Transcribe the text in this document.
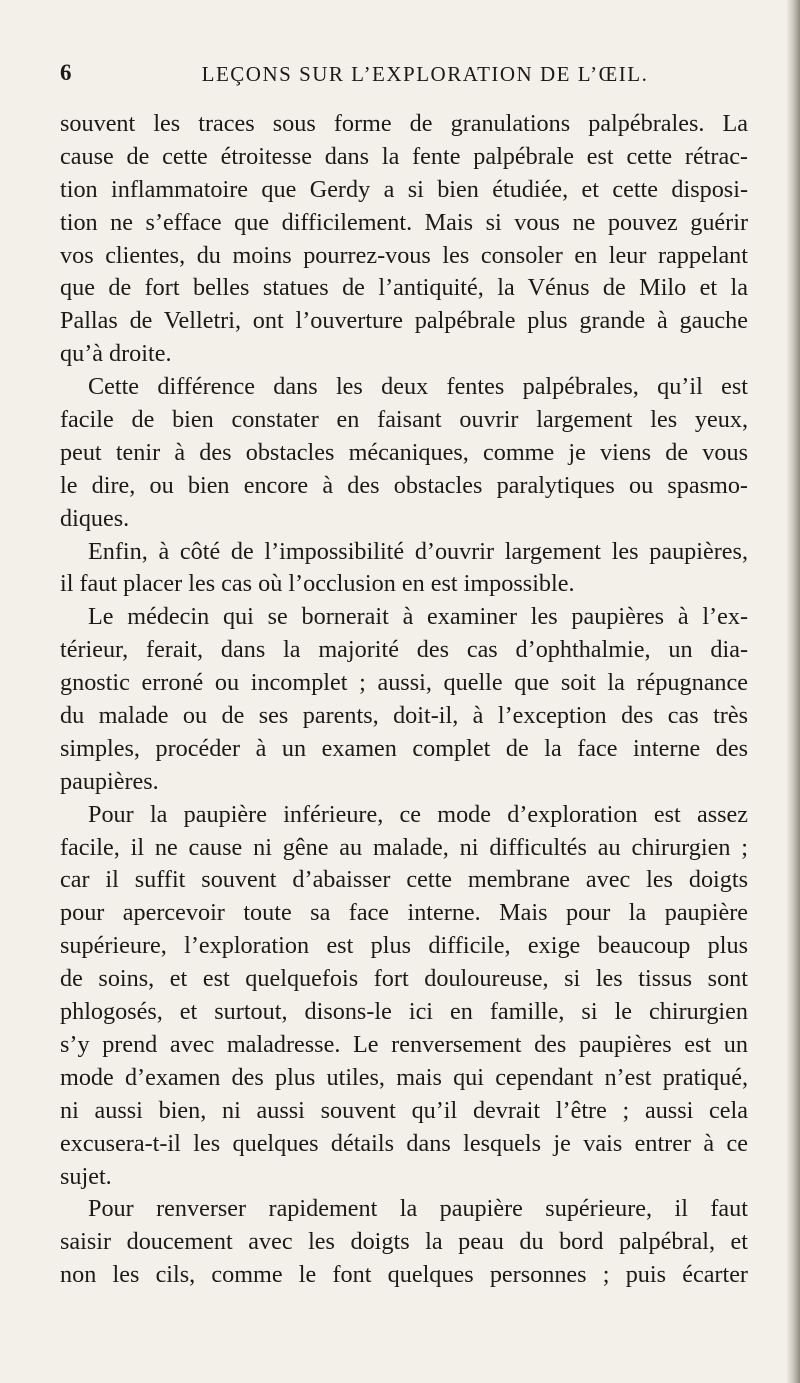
6	LEÇONS SUR L’EXPLORATION DE L’ŒIL.
souvent les traces sous forme de granulations palpébrales. La
cause de cette étroitesse dans la fente palpébrale est cette rétrac-
tion inflammatoire que Gerdy a si bien étudiée, et cette disposi-
tion ne s’efface que difficilement. Mais si vous ne pouvez guérir
vos clientes, du moins pourrez-vous les consoler en leur rappelant
que de fort belles statues de l’antiquité, la Vénus de Milo et la
Pallas de Velletri, ont l’ouverture palpébrale plus grande à gauche
qu’à droite.
Cette différence dans les deux fentes palpébrales, qu’il est
facile de bien constater en faisant ouvrir largement les yeux,
peut tenir à des obstacles mécaniques, comme je viens de vous
le dire, ou bien encore à des obstacles paralytiques ou spasmo-
diques.
Enfin, à côté de l’impossibilité d’ouvrir largement les paupières,
il faut placer les cas où l’occlusion en est impossible.
Le médecin qui se bornerait à examiner les paupières à l’ex-
térieur, ferait, dans la majorité des cas d’ophthalmie, un dia-
gnostic erroné ou incomplet ; aussi, quelle que soit la répugnance
du malade ou de ses parents, doit-il, à l’exception des cas très
simples, procéder à un examen complet de la face interne des
paupières.
Pour la paupière inférieure, ce mode d’exploration est assez
facile, il ne cause ni gêne au malade, ni difficultés au chirurgien ;
car il suffit souvent d’abaisser cette membrane avec les doigts
pour apercevoir toute sa face interne. Mais pour la paupière
supérieure, l’exploration est plus difficile, exige beaucoup plus
de soins, et est quelquefois fort douloureuse, si les tissus sont
phlogosés, et surtout, disons-le ici en famille, si le chirurgien
s’y prend avec maladresse. Le renversement des paupières est un
mode d’examen des plus utiles, mais qui cependant n’est pratiqué,
ni aussi bien, ni aussi souvent qu’il devrait l’être ; aussi cela
excusera-t-il les quelques détails dans lesquels je vais entrer à ce
sujet.
Pour renverser rapidement la paupière supérieure, il faut
saisir doucement avec les doigts la peau du bord palpébral, et
non les cils, comme le font quelques personnes ; puis écarter
